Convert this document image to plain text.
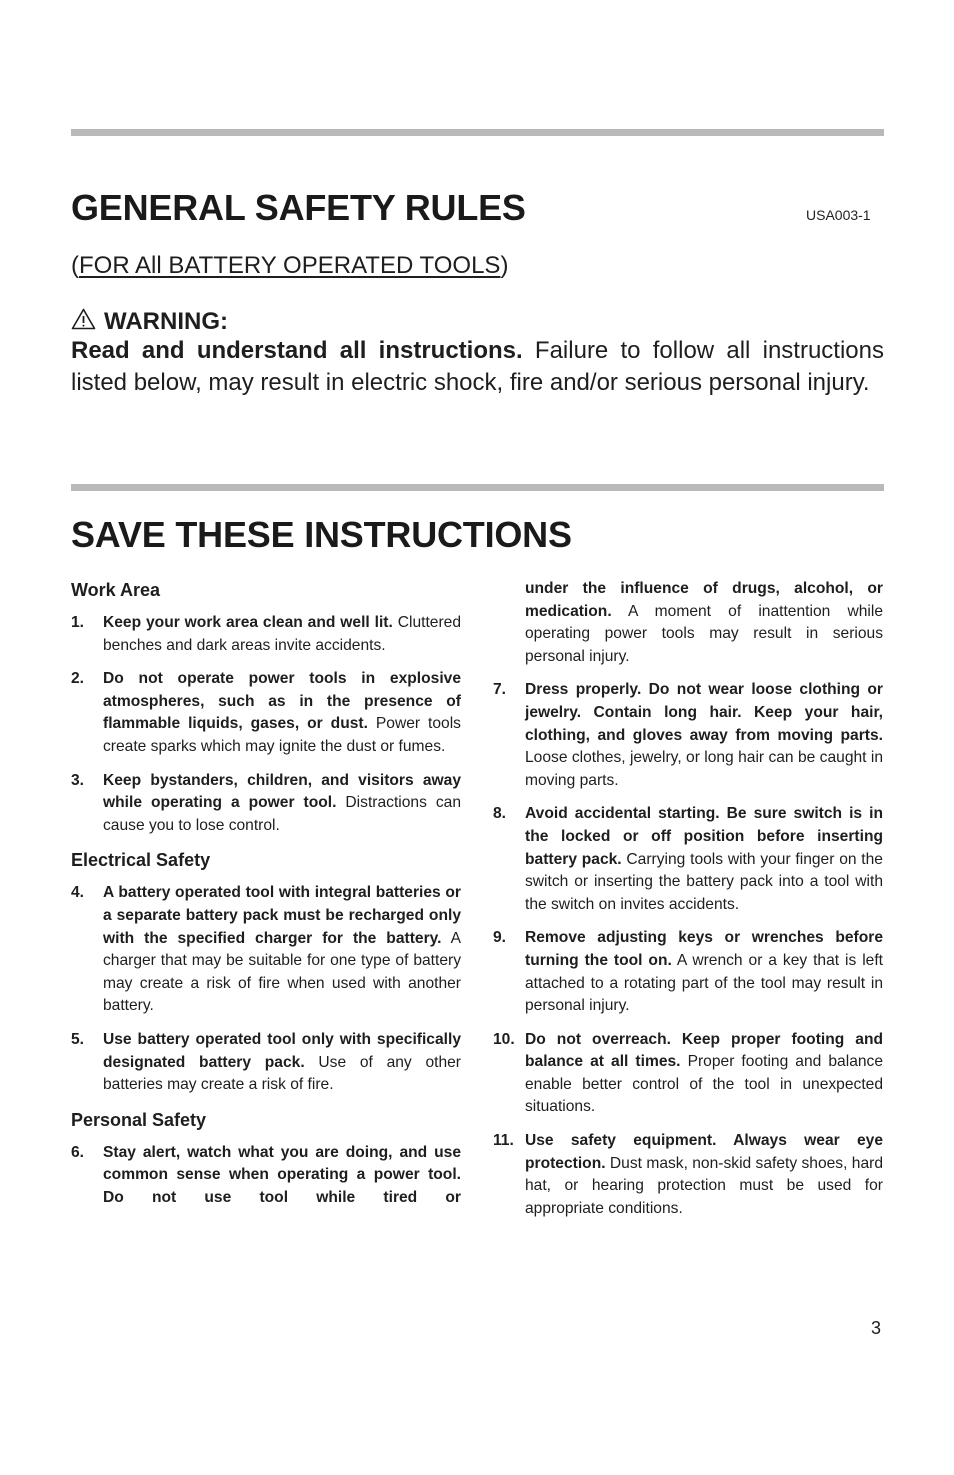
GENERAL SAFETY RULES	USA003-1
(FOR All BATTERY OPERATED TOOLS)
WARNING:
Read and understand all instructions. Failure to follow all instructions listed below, may result in electric shock, fire and/or serious personal injury.
SAVE THESE INSTRUCTIONS
Work Area
1.	Keep your work area clean and well lit. Cluttered benches and dark areas invite accidents.
2.	Do not operate power tools in explosive atmospheres, such as in the presence of flammable liquids, gases, or dust. Power tools create sparks which may ignite the dust or fumes.
3.	Keep bystanders, children, and visitors away while operating a power tool. Distractions can cause you to lose control.
Electrical Safety
4.	A battery operated tool with integral batteries or a separate battery pack must be recharged only with the specified charger for the battery. A charger that may be suitable for one type of battery may create a risk of fire when used with another battery.
5.	Use battery operated tool only with specifically designated battery pack. Use of any other batteries may create a risk of fire.
Personal Safety
6.	Stay alert, watch what you are doing, and use common sense when operating a power tool. Do not use tool while tired or
under the influence of drugs, alcohol, or medication. A moment of inattention while operating power tools may result in serious personal injury.
7.	Dress properly. Do not wear loose clothing or jewelry. Contain long hair. Keep your hair, clothing, and gloves away from moving parts. Loose clothes, jewelry, or long hair can be caught in moving parts.
8.	Avoid accidental starting. Be sure switch is in the locked or off position before inserting battery pack. Carrying tools with your finger on the switch or inserting the battery pack into a tool with the switch on invites accidents.
9.	Remove adjusting keys or wrenches before turning the tool on. A wrench or a key that is left attached to a rotating part of the tool may result in personal injury.
10. Do not overreach. Keep proper footing and balance at all times. Proper footing and balance enable better control of the tool in unexpected situations.
11. Use safety equipment. Always wear eye protection. Dust mask, non-skid safety shoes, hard hat, or hearing protection must be used for appropriate conditions.
3
